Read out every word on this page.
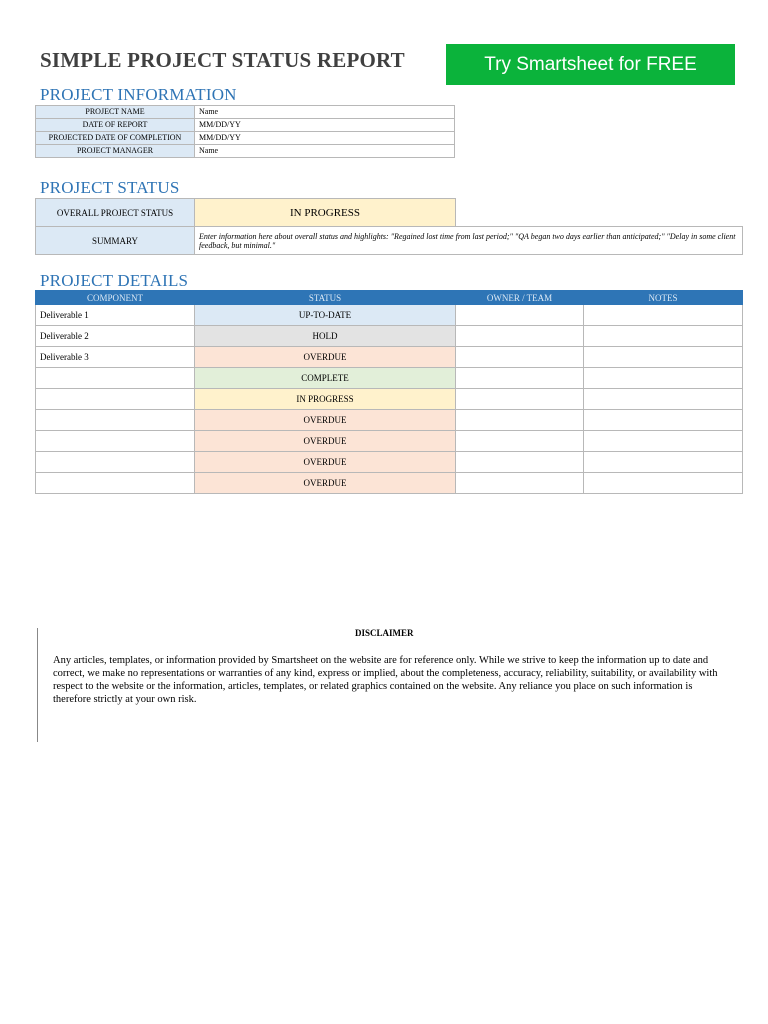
SIMPLE PROJECT STATUS REPORT	Try Smartsheet for FREE
PROJECT INFORMATION
PROJECT NAME	Name
DATE OF REPORT	MM/DD/YY
PROJECTED DATE OF COMPLETION	MM/DD/YY
PROJECT MANAGER	Name
PROJECT STATUS
OVERALL PROJECT STATUS	IN PROGRESS	
SUMMARY	Enter information here about overall status and highlights: "Regained lost time from last period;" "QA began two days earlier than anticipated;" "Delay in some client feedback, but minimal."	
PROJECT DETAILS
COMPONENT	STATUS	OWNER / TEAM	NOTES
Deliverable 1	UP-TO-DATE		
Deliverable 2	HOLD		
Deliverable 3	OVERDUE		
	COMPLETE		
	IN PROGRESS		
	OVERDUE		
	OVERDUE		
	OVERDUE		
	OVERDUE		
DISCLAIMER
Any articles, templates, or information provided by Smartsheet on the website are for reference only. While we strive to keep the information up to date and correct, we make no representations or warranties of any kind, express or implied, about the completeness, accuracy, reliability, suitability, or availability with respect to the website or the information, articles, templates, or related graphics contained on the website. Any reliance you place on such information is therefore strictly at your own risk.
